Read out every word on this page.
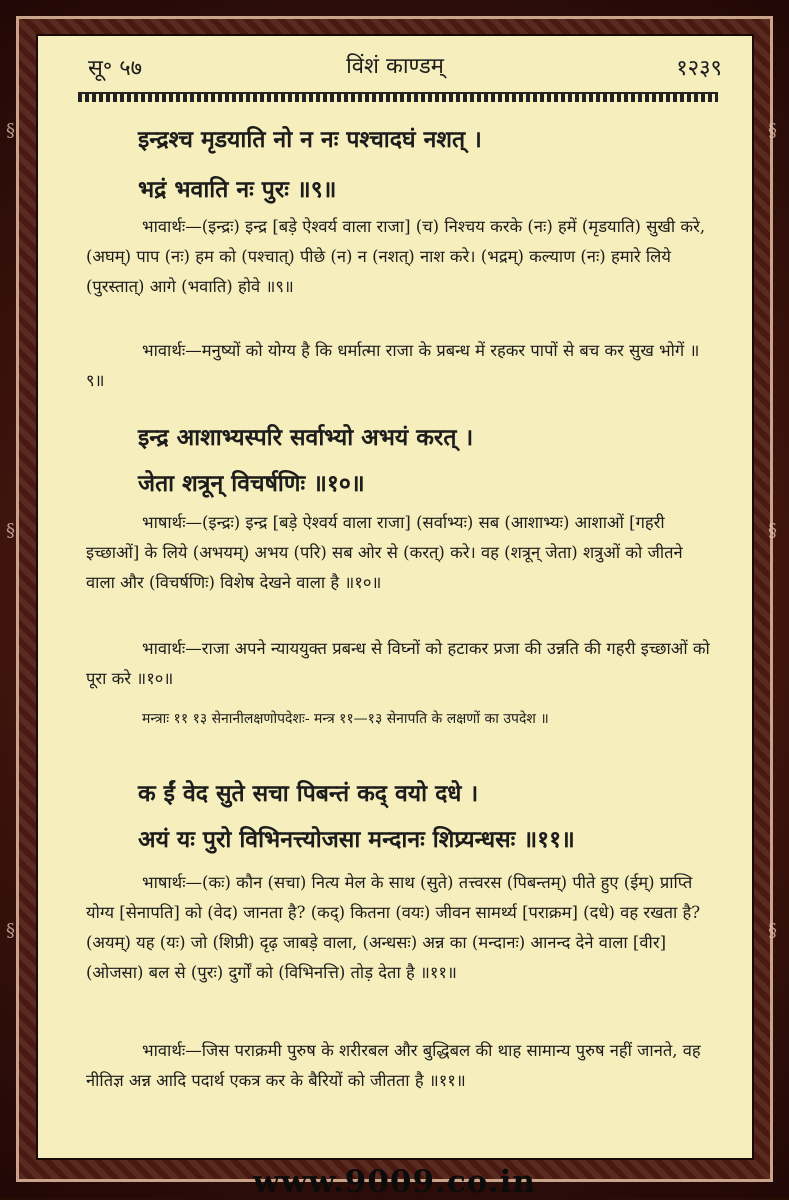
§
§
§
§
§
§
सू॰ ५७	विंशं काण्डम्	१२३९
इन्द्रश्च मृडयाति नो न नः पश्चादघं नशत् ।
भद्रं भवाति नः पुरः ॥९॥
भावार्थः—(इन्द्रः) इन्द्र [बड़े ऐश्वर्य वाला राजा] (च) निश्चय करके (नः) हमें (मृडयाति) सुखी करे, (अघम्) पाप (नः) हम को (पश्चात्) पीछे (न) न (नशत्) नाश करे। (भद्रम्) कल्याण (नः) हमारे लिये (पुरस्तात्) आगे (भवाति) होवे ॥९॥
भावार्थः—मनुष्यों को योग्य है कि धर्मात्मा राजा के प्रबन्ध में रहकर पापों से बच कर सुख भोगें ॥९॥
इन्द्र आशाभ्यस्परि सर्वाभ्यो अभयं करत् ।
जेता शत्रून् विचर्षणिः ॥१०॥
भाषार्थः—(इन्द्रः) इन्द्र [बड़े ऐश्वर्य वाला राजा] (सर्वाभ्यः) सब (आशाभ्यः) आशाओं [गहरी इच्छाओं] के लिये (अभयम्) अभय (परि) सब ओर से (करत्) करे। वह (शत्रून् जेता) शत्रुओं को जीतने वाला और (विचर्षणिः) विशेष देखने वाला है ॥१०॥
भावार्थः—राजा अपने न्याययुक्त प्रबन्ध से विघ्नों को हटाकर प्रजा की उन्नति की गहरी इच्छाओं को पूरा करे ॥१०॥
मन्त्राः ११ १३ सेनानीलक्षणोपदेशः- मन्त्र ११—१३ सेनापति के लक्षणों का उपदेश ॥
क ईं वेद सुते सचा पिबन्तं कद् वयो दधे ।
अयं यः पुरो विभिनत्त्योजसा मन्दानः शिप्र्यन्धसः ॥११॥
भाषार्थः—(कः) कौन (सचा) नित्य मेल के साथ (सुते) तत्त्वरस (पिबन्तम्) पीते हुए (ईम्) प्राप्ति योग्य [सेनापति] को (वेद) जानता है? (कद्) कितना (वयः) जीवन सामर्थ्य [पराक्रम] (दधे) वह रखता है? (अयम्) यह (यः) जो (शिप्री) दृढ़ जाबड़े वाला, (अन्धसः) अन्न का (मन्दानः) आनन्द देने वाला [वीर] (ओजसा) बल से (पुरः) दुर्गों को (विभिनत्ति) तोड़ देता है ॥११॥
भावार्थः—जिस पराक्रमी पुरुष के शरीरबल और बुद्धिबल की थाह सामान्य पुरुष नहीं जानते, वह नीतिज्ञ अन्न आदि पदार्थ एकत्र कर के बैरियों को जीतता है ॥११॥
www.9009.co.in
